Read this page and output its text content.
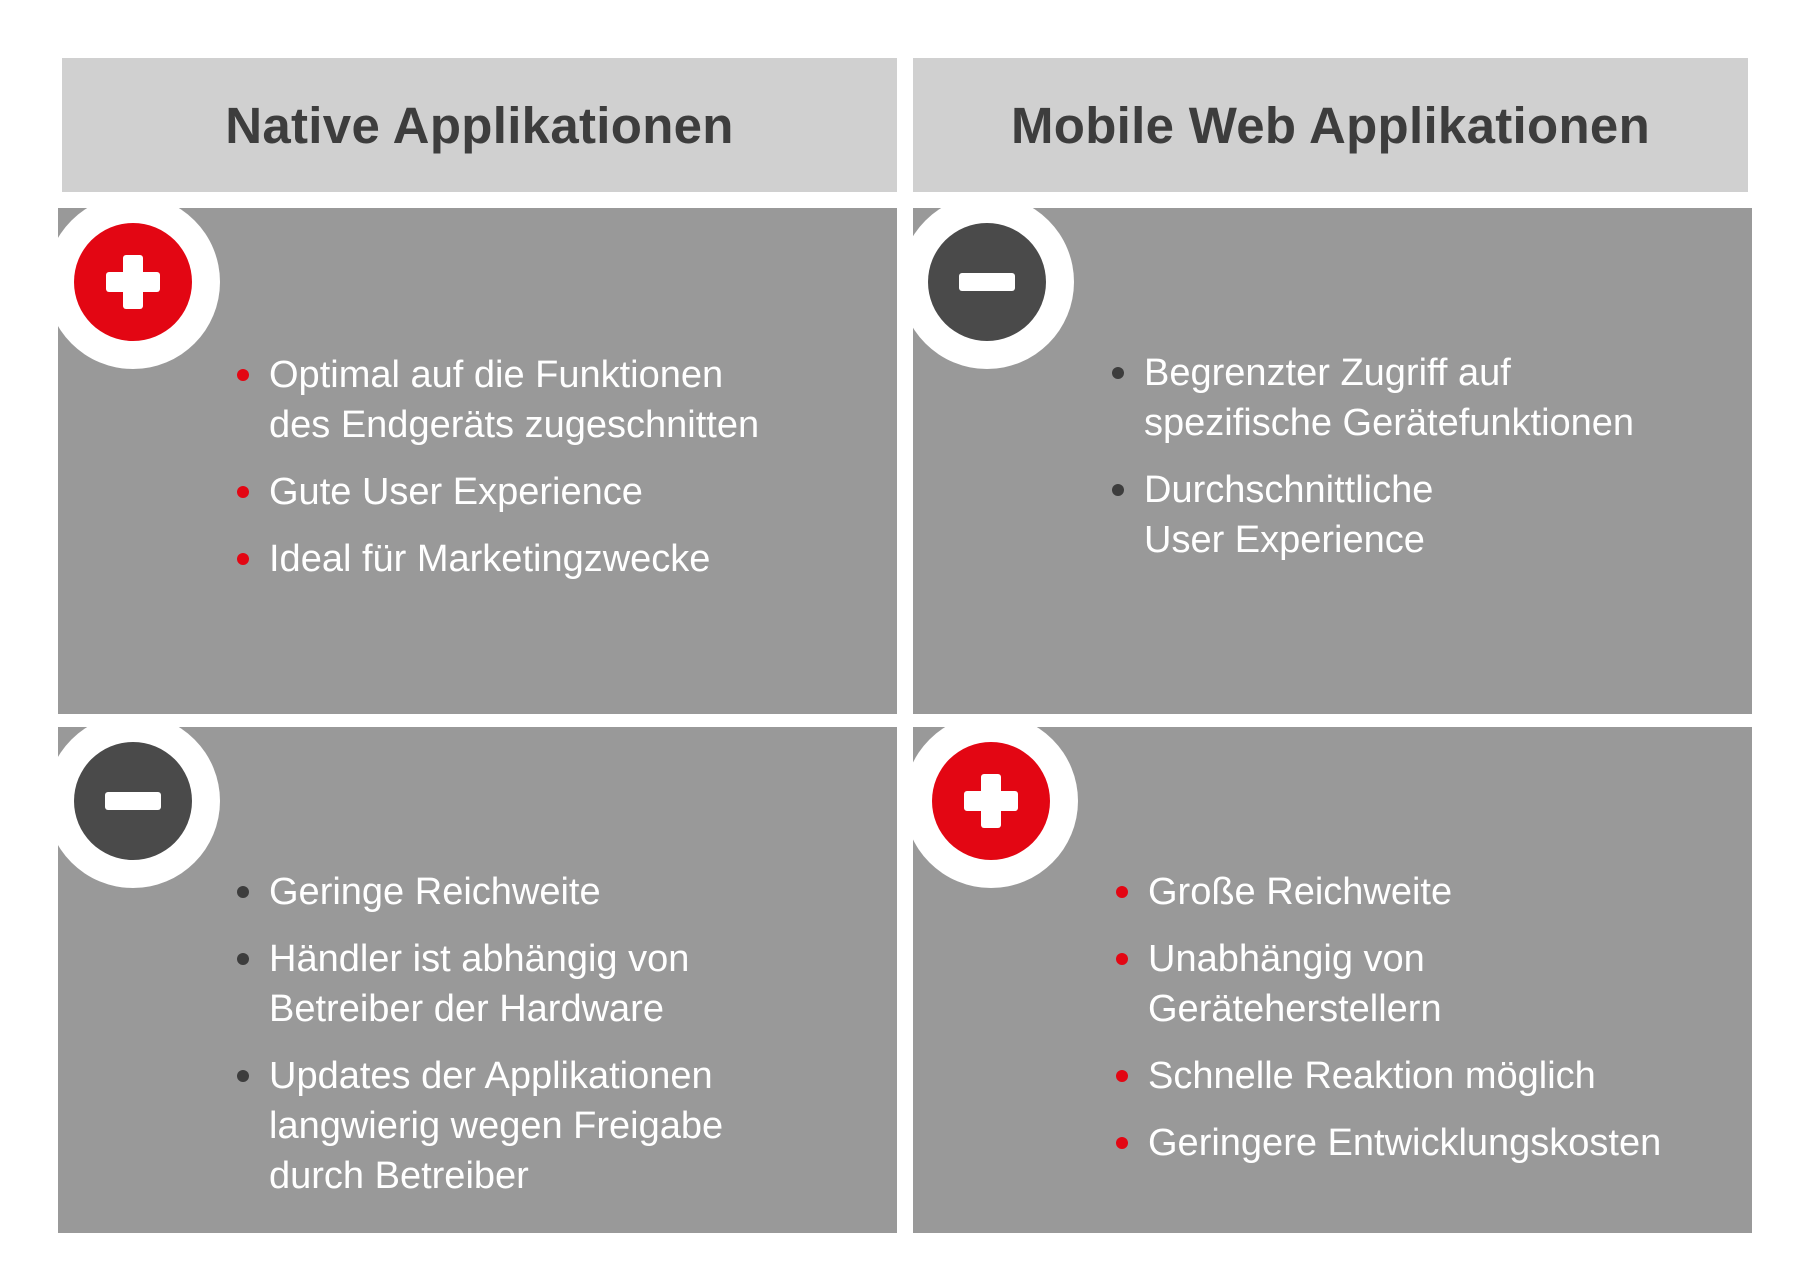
Native Applikationen	Mobile Web Applikationen
Optimal auf die Funktionen
des Endgeräts zugeschnitten
Gute User Experience
Ideal für Marketingzwecke
Begrenzter Zugriff auf
spezifische Gerätefunktionen
Durchschnittliche
User Experience
Geringe Reichweite
Händler ist abhängig von
Betreiber der Hardware
Updates der Applikationen
langwierig wegen Freigabe
durch Betreiber
Große Reichweite
Unabhängig von
Geräteherstellern
Schnelle Reaktion möglich
Geringere Entwicklungskosten
